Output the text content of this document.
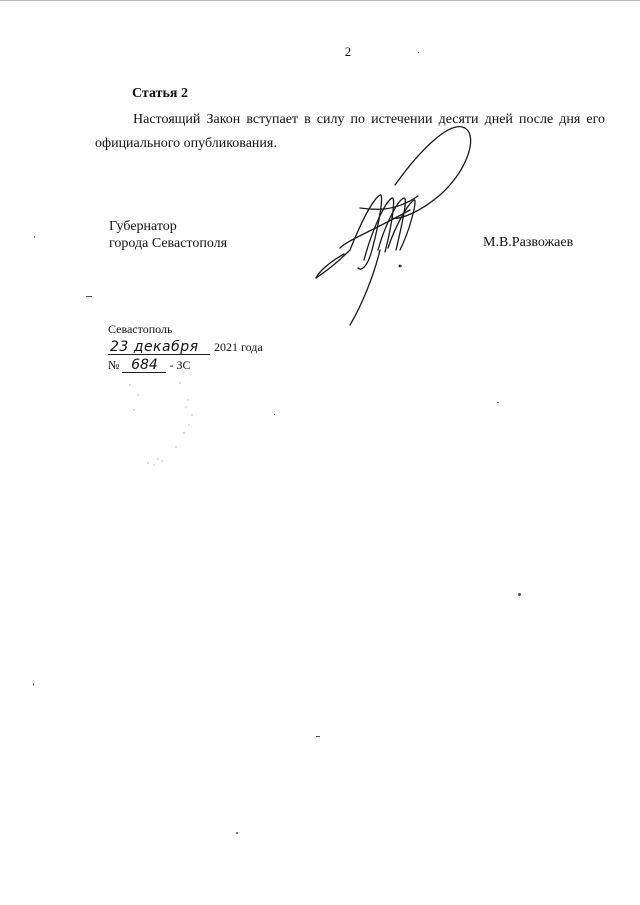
2
Статья 2
Настоящий Закон вступает в силу по истечении десяти дней после дня его официального опубликования.
Губернатор
города Севастополя	М.В.Развожаев
Севастополь
23 декабря 2021 года
№ 684 - ЗС
